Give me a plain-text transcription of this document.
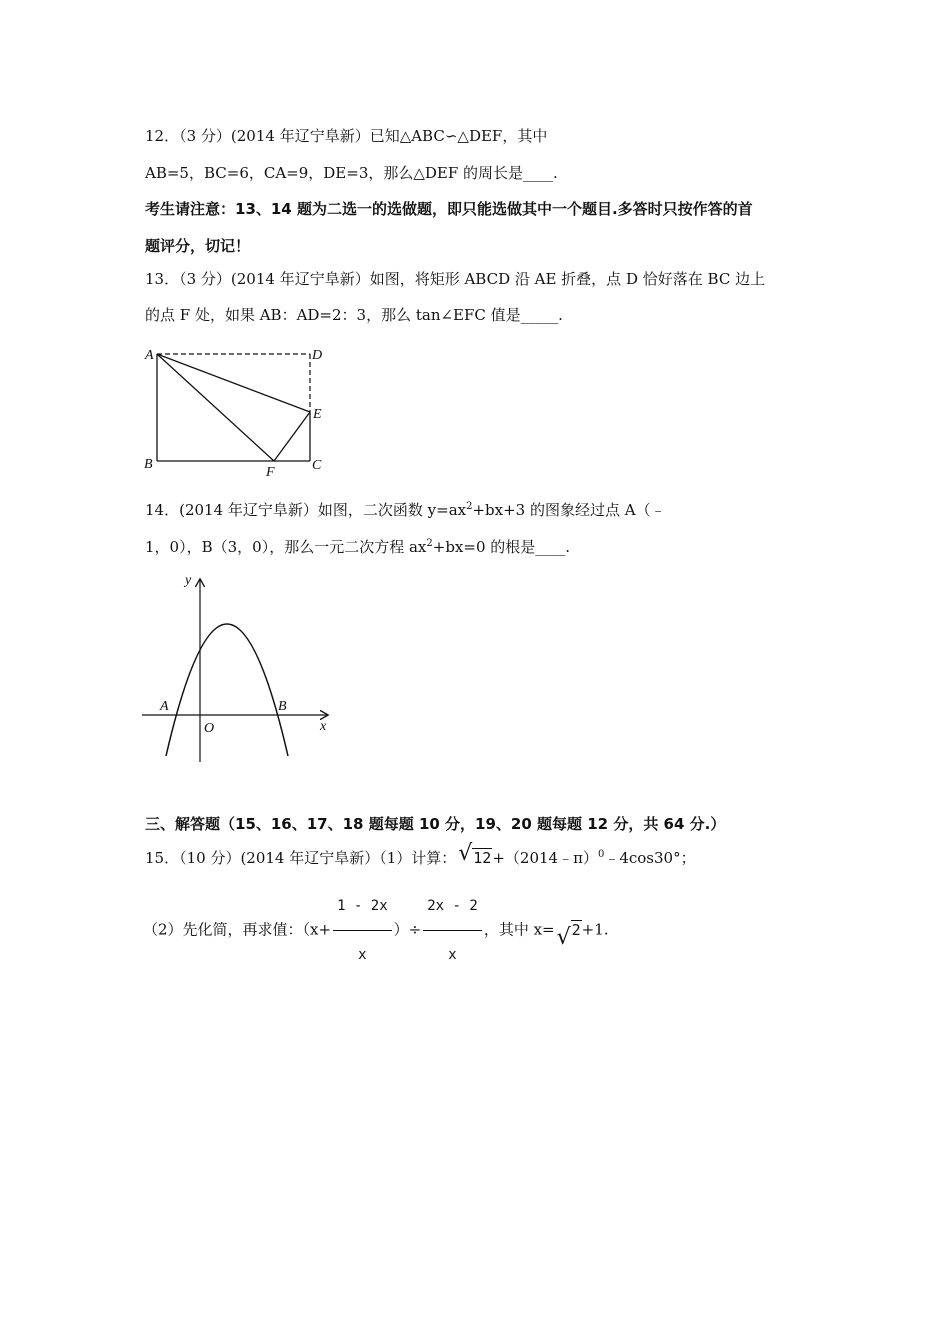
12．（3 分）(2014 年辽宁阜新）已知△ABC∽△DEF，其中
AB=5，BC=6，CA=9，DE=3，那么△DEF 的周长是____.
考生请注意：13、14 题为二选一的选做题，即只能选做其中一个题目.多答时只按作答的首
题评分，切记！
13．（3 分）(2014 年辽宁阜新）如图，将矩形 ABCD 沿 AE 折叠，点 D 恰好落在 BC 边上
的点 F 处，如果 AB：AD=2：3，那么 tan∠EFC 值是_____.
A	D
E
B	C
F
14．(2014 年辽宁阜新）如图，二次函数 $y=ax^2+bx+3$ 的图象经过点 A（﹣
1，0），B（3，0），那么一元二次方程 $ax^2+bx=0$ 的根是____.
y
x
O
A	B
三、解答题（15、16、17、18 题每题 10 分，19、20 题每题 12 分，共 64 分.）
15．（10 分）(2014 年辽宁阜新）（1）计算： √ 12+（2014﹣π）$^0$﹣4cos30°；
（2）先化简，再求值：（$x+ \frac{1 - 2x}{x}$ ）÷ $\frac{2x - 2}{x}$ ，其中 x= √ 2+1.
